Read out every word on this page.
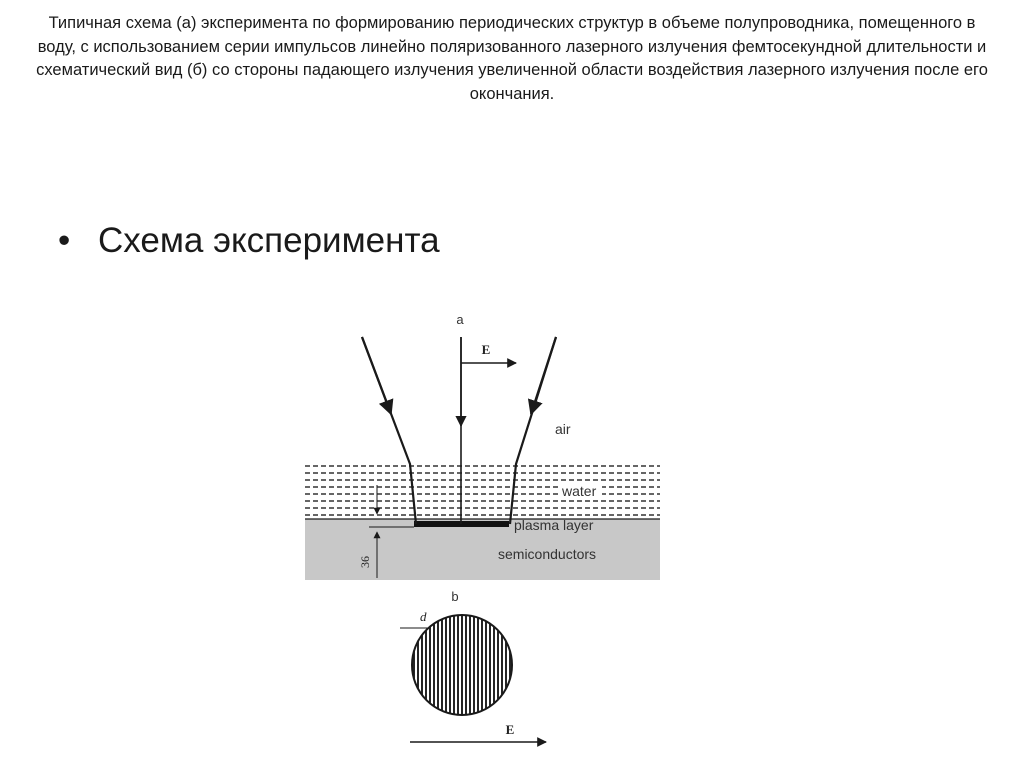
Типичная схема (а) эксперимента по формированию периодических структур в объеме полупроводника, помещенного в воду, с использованием серии импульсов линейно поляризованного лазерного излучения фемтосекундной длительности и схематический вид (б) со стороны падающего излучения увеличенной области воздействия лазерного излучения после его окончания.
• Схема эксперимента
a
E
air
water
plasma layer
semiconductors
36
b
d
E
